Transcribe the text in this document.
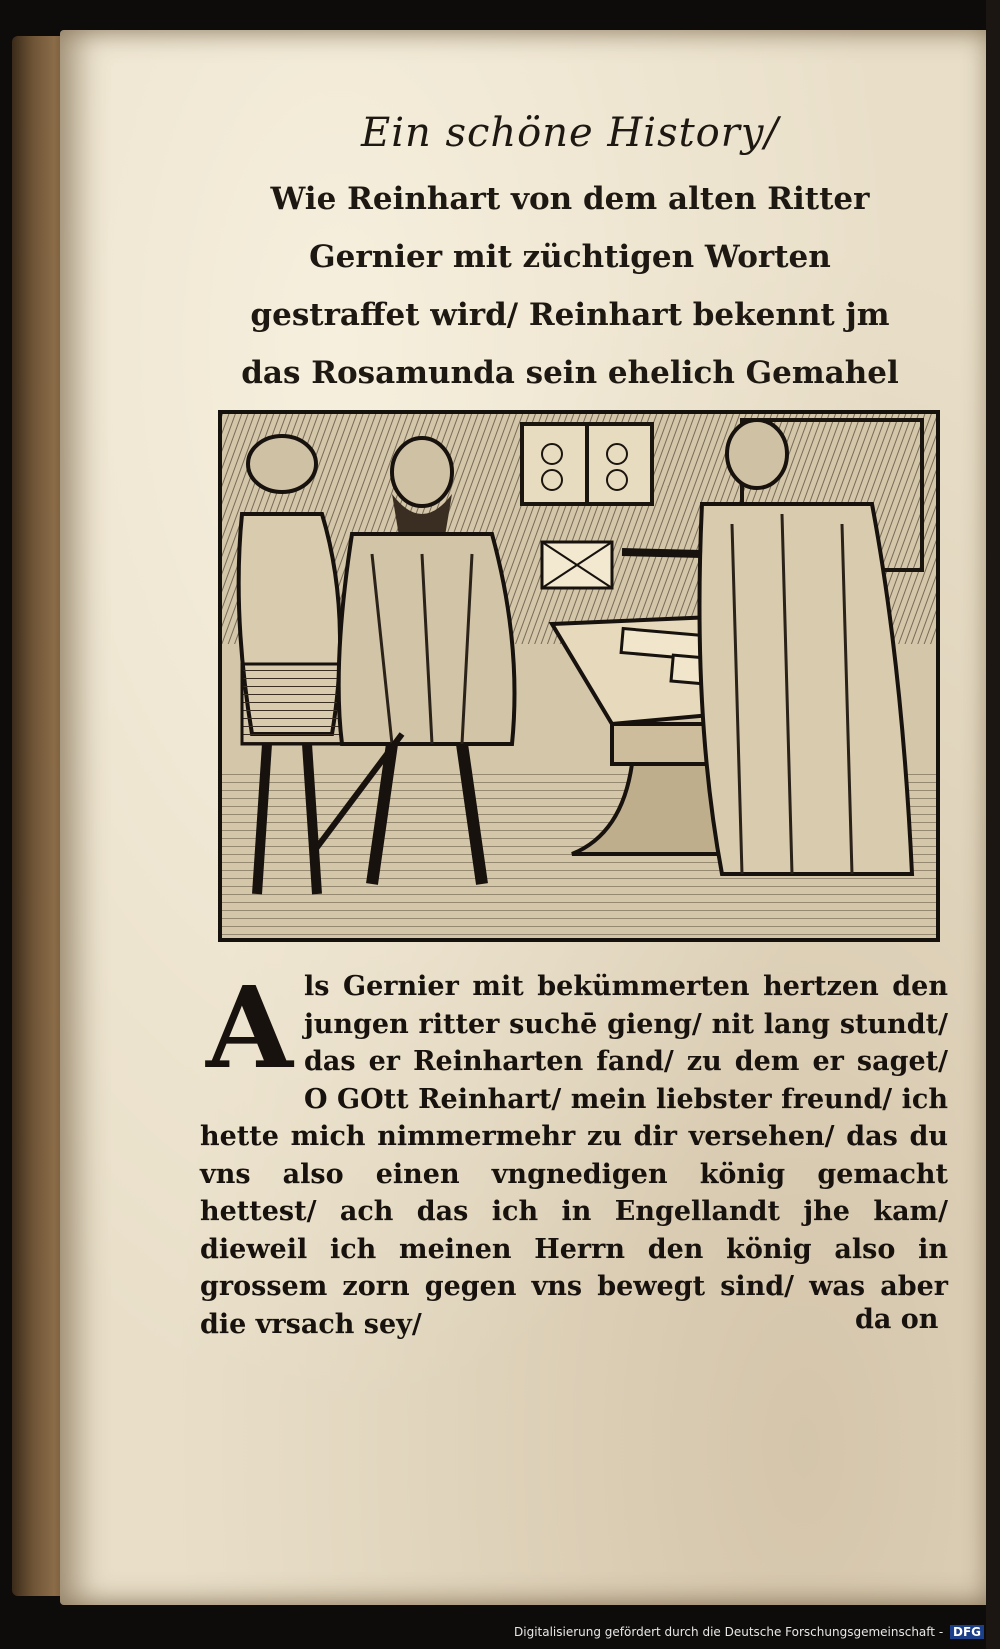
Ein schöne History/

Wie Reinhart von dem alten Ritter Gernier mit züchtigen Worten gestraffet wird/ Reinhart bekennt jm das Rosamunda sein ehelich Gemahel

A ls Gernier mit bekümmerten hertzen den jungen ritter suchē gieng/ nit lang stundt/ das er Reinharten fand/ zu dem er saget/ O GOtt Reinhart/ mein liebster freund/ ich hette mich nimmermehr zu dir versehen/ das du vns also einen vngnedigen könig gemacht hettest/ ach das ich in Engellandt jhe kam/ dieweil ich meinen Herrn den könig also in grossem zorn gegen vns bewegt sind/ was aber die vrsach sey/	da on
Digitalisierung gefördert durch die Deutsche Forschungsgemeinschaft - DFG
